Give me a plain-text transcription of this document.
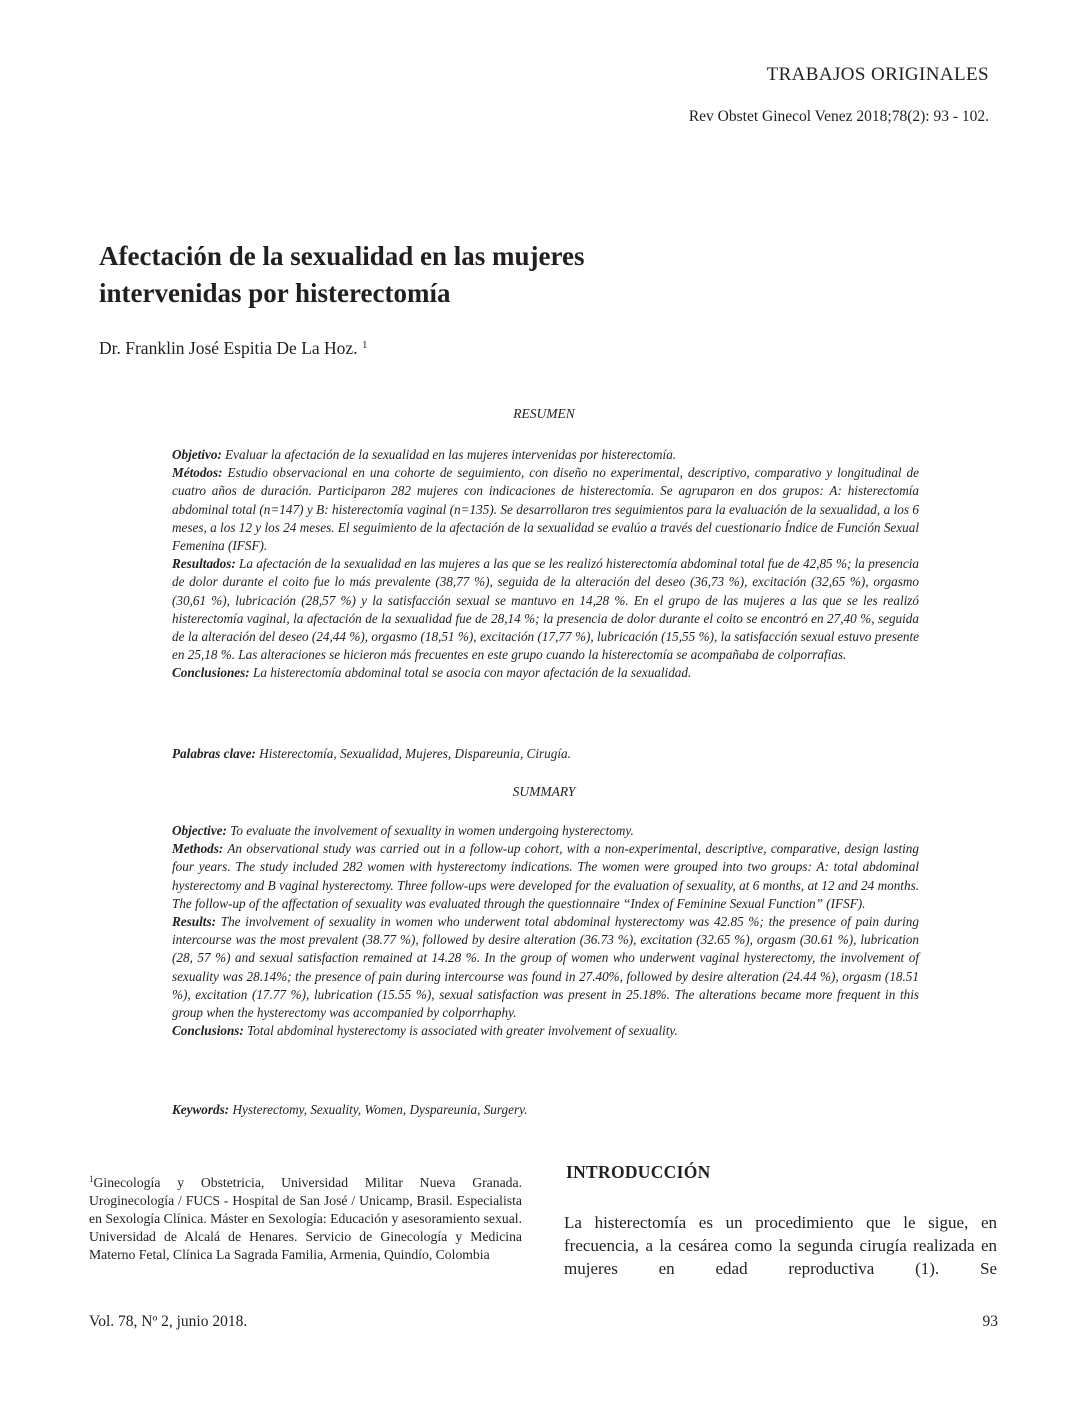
TRABAJOS ORIGINALES
Rev Obstet Ginecol Venez 2018;78(2): 93 - 102.
Afectación de la sexualidad en las mujeres
intervenidas por histerectomía
Dr. Franklin José Espitia De La Hoz. $^1$
RESUMEN

Objetivo: Evaluar la afectación de la sexualidad en las mujeres intervenidas por histerectomía.

Métodos: Estudio observacional en una cohorte de seguimiento, con diseño no experimental, descriptivo, comparativo y longitudinal de cuatro años de duración. Participaron 282 mujeres con indicaciones de histerectomía. Se agruparon en dos grupos: A: histerectomía abdominal total (n=147) y B: histerectomía vaginal (n=135). Se desarrollaron tres seguimientos para la evaluación de la sexualidad, a los 6 meses, a los 12 y los 24 meses. El seguimiento de la afectación de la sexualidad se evalúo a través del cuestionario Índice de Función Sexual Femenina (IFSF).

Resultados: La afectación de la sexualidad en las mujeres a las que se les realizó histerectomía abdominal total fue de 42,85 %; la presencia de dolor durante el coito fue lo más prevalente (38,77 %), seguida de la alteración del deseo (36,73 %), excitación (32,65 %), orgasmo (30,61 %), lubricación (28,57 %) y la satisfacción sexual se mantuvo en 14,28 %. En el grupo de las mujeres a las que se les realizó histerectomía vaginal, la afectación de la sexualidad fue de 28,14 %; la presencia de dolor durante el coito se encontró en 27,40 %, seguida de la alteración del deseo (24,44 %), orgasmo (18,51 %), excitación (17,77 %), lubricación (15,55 %), la satisfacción sexual estuvo presente en 25,18 %. Las alteraciones se hicieron más frecuentes en este grupo cuando la histerectomía se acompañaba de colporrafias.

Conclusiones: La histerectomía abdominal total se asocia con mayor afectación de la sexualidad.

Palabras clave: Histerectomía, Sexualidad, Mujeres, Dispareunia, Cirugía.
SUMMARY

Objective: To evaluate the involvement of sexuality in women undergoing hysterectomy.

Methods: An observational study was carried out in a follow-up cohort, with a non-experimental, descriptive, comparative, design lasting four years. The study included 282 women with hysterectomy indications. The women were grouped into two groups: A: total abdominal hysterectomy and B vaginal hysterectomy. Three follow-ups were developed for the evaluation of sexuality, at 6 months, at 12 and 24 months. The follow-up of the affectation of sexuality was evaluated through the questionnaire “Index of Feminine Sexual Function” (IFSF).

Results: The involvement of sexuality in women who underwent total abdominal hysterectomy was 42.85 %; the presence of pain during intercourse was the most prevalent (38.77 %), followed by desire alteration (36.73 %), excitation (32.65 %), orgasm (30.61 %), lubrication (28, 57 %) and sexual satisfaction remained at 14.28 %. In the group of women who underwent vaginal hysterectomy, the involvement of sexuality was 28.14%; the presence of pain during intercourse was found in 27.40%, followed by desire alteration (24.44 %), orgasm (18.51 %), excitation (17.77 %), lubrication (15.55 %), sexual satisfaction was present in 25.18%. The alterations became more frequent in this group when the hysterectomy was accompanied by colporrhaphy.

Conclusions: Total abdominal hysterectomy is associated with greater involvement of sexuality.

Keywords: Hysterectomy, Sexuality, Women, Dyspareunia, Surgery.
$^1$Ginecología y Obstetricia, Universidad Militar Nueva Granada. Uroginecología / FUCS - Hospital de San José / Unicamp, Brasil. Especialista en Sexología Clínica. Máster en Sexología: Educación y asesoramiento sexual. Universidad de Alcalá de Henares. Servicio de Ginecología y Medicina Materno Fetal, Clínica La Sagrada Familia, Armenia, Quindío, Colombia
INTRODUCCIÓN
La histerectomía es un procedimiento que le sigue, en frecuencia, a la cesárea como la segunda cirugía realizada en mujeres en edad reproductiva (1). Se
Vol. 78, Nº 2, junio 2018.	93
